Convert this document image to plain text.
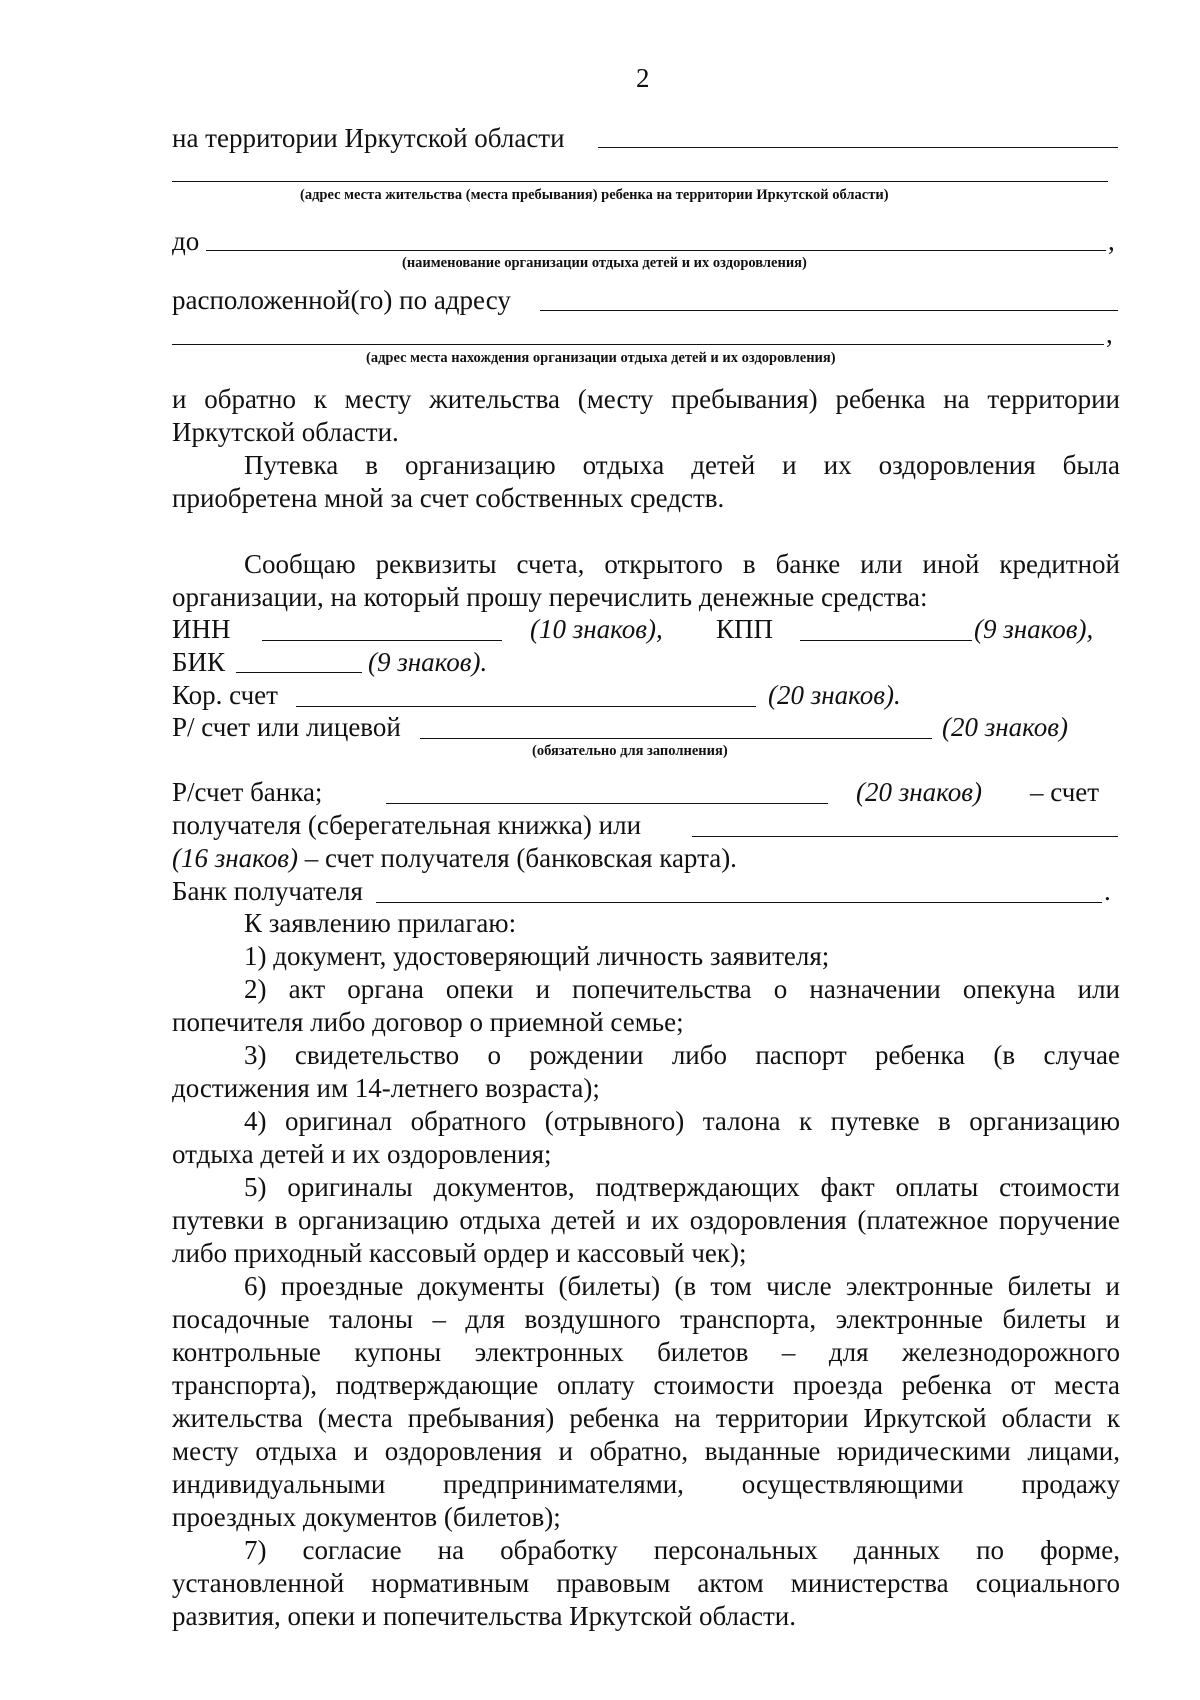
2
на территории Иркутской области
(адрес места жительства (места пребывания) ребенка на территории Иркутской области)
до	,
(наименование организации отдыха детей и их оздоровления)
расположенной(го) по адресу
,
(адрес места нахождения организации отдыха детей и их оздоровления)
и обратно к месту жительства (месту пребывания) ребенка на территории
Иркутской области.
Путевка в организацию отдыха детей и их оздоровления была
приобретена мной за счет собственных средств.
Сообщаю реквизиты счета, открытого в банке или иной кредитной
организации, на который прошу перечислить денежные средства:
ИНН	(10 знаков), КПП	(9 знаков),
БИК	(9 знаков).
Кор. счет	(20 знаков).
Р/ счет или лицевой	(20 знаков)
(обязательно для заполнения)
Р/счет банка;	(20 знаков) – счет
получателя (сберегательная книжка) или
(16 знаков) – счет получателя (банковская карта).
Банк получателя	.
К заявлению прилагаю:
1) документ, удостоверяющий личность заявителя;
2) акт органа опеки и попечительства о назначении опекуна или
попечителя либо договор о приемной семье;
3) свидетельство о рождении либо паспорт ребенка (в случае
достижения им 14-летнего возраста);
4) оригинал обратного (отрывного) талона к путевке в организацию
отдыха детей и их оздоровления;
5) оригиналы документов, подтверждающих факт оплаты стоимости
путевки в организацию отдыха детей и их оздоровления (платежное поручение
либо приходный кассовый ордер и кассовый чек);
6) проездные документы (билеты) (в том числе электронные билеты и
посадочные талоны – для воздушного транспорта, электронные билеты и
контрольные купоны электронных билетов – для железнодорожного
транспорта), подтверждающие оплату стоимости проезда ребенка от места
жительства (места пребывания) ребенка на территории Иркутской области к
месту отдыха и оздоровления и обратно, выданные юридическими лицами,
индивидуальными предпринимателями, осуществляющими продажу
проездных документов (билетов);
7) согласие на обработку персональных данных по форме,
установленной нормативным правовым актом министерства социального
развития, опеки и попечительства Иркутской области.
